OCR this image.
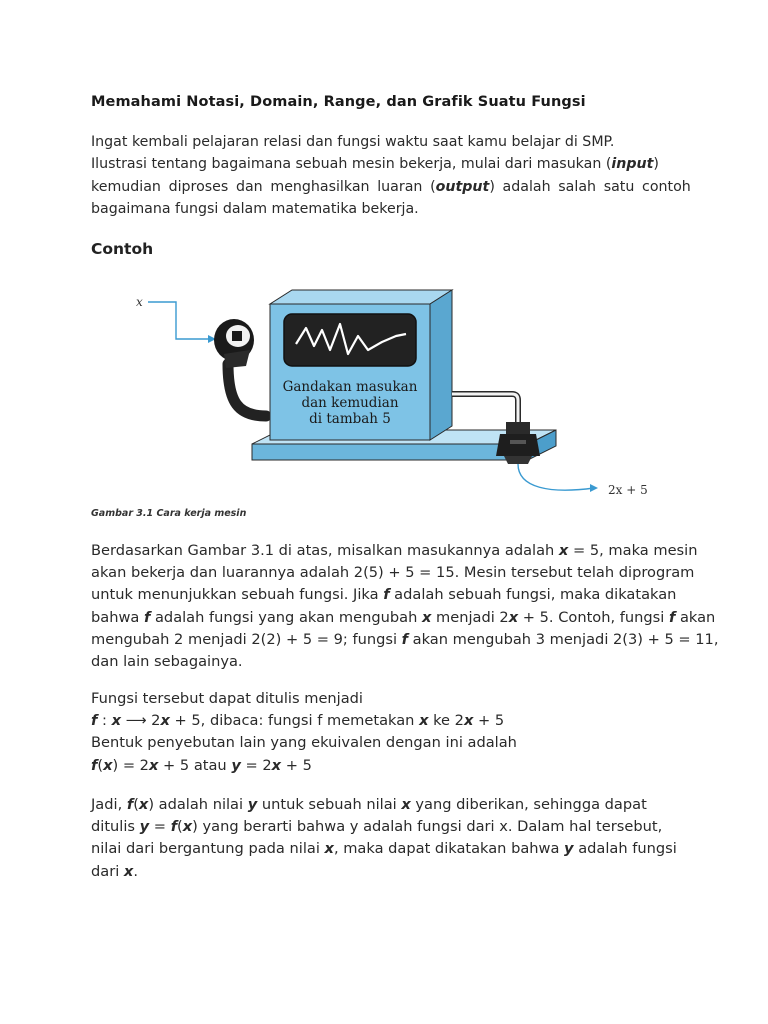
Memahami Notasi, Domain, Range, dan Grafik Suatu Fungsi
Ingat kembali pelajaran relasi dan fungsi waktu saat kamu belajar di SMP.
Ilustrasi tentang bagaimana sebuah mesin bekerja, mulai dari masukan (input)
kemudian diproses dan menghasilkan luaran (output) adalah salah satu contoh
bagaimana fungsi dalam matematika bekerja.
Contoh
x
Gandakan masukan
dan kemudian
di tambah 5
2x + 5
Gambar 3.1 Cara kerja mesin
Berdasarkan Gambar 3.1 di atas, misalkan masukannya adalah x = 5, maka mesin
akan bekerja dan luarannya adalah 2(5) + 5 = 15. Mesin tersebut telah diprogram
untuk menunjukkan sebuah fungsi. Jika f adalah sebuah fungsi, maka dikatakan
bahwa f adalah fungsi yang akan mengubah x menjadi 2x + 5. Contoh, fungsi f akan
mengubah 2 menjadi 2(2) + 5 = 9; fungsi f akan mengubah 3 menjadi 2(3) + 5 = 11,
dan lain sebagainya.
Fungsi tersebut dapat ditulis menjadi
f : x ⟶ 2x + 5, dibaca: fungsi f memetakan x ke 2x + 5
Bentuk penyebutan lain yang ekuivalen dengan ini adalah
f(x) = 2x + 5 atau y = 2x + 5
Jadi, f(x) adalah nilai y untuk sebuah nilai x yang diberikan, sehingga dapat
ditulis y = f(x) yang berarti bahwa y adalah fungsi dari x. Dalam hal tersebut,
nilai dari bergantung pada nilai x, maka dapat dikatakan bahwa y adalah fungsi
dari x.
